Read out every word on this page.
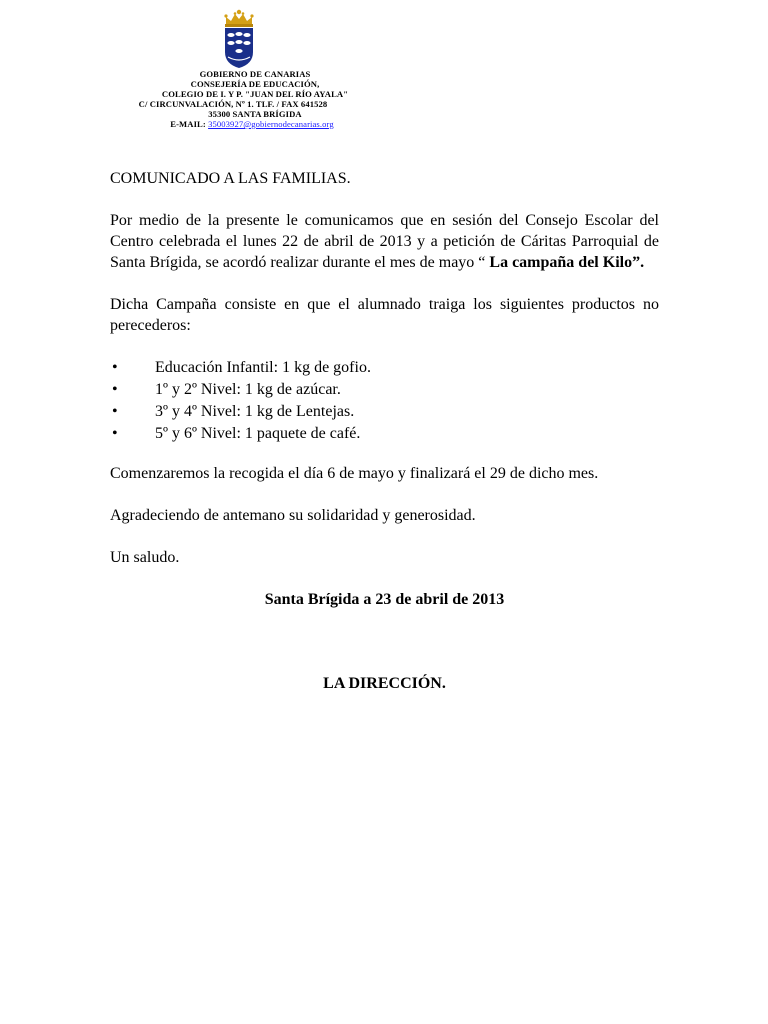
GOBIERNO DE CANARIAS
CONSEJERÍA DE EDUCACIÓN,
COLEGIO DE I. Y P. "JUAN DEL RÍO AYALA"
C/ CIRCUNVALACIÓN, Nº 1. TLF. / FAX 641528
35300 SANTA BRÍGIDA
E-MAIL: 35003927@gobiernodecanarias.org

COMUNICADO A LAS FAMILIAS.

Por medio de la presente le comunicamos que en sesión del Consejo Escolar del Centro celebrada el lunes 22 de abril de 2013 y a petición de Cáritas Parroquial de Santa Brígida, se acordó realizar durante el mes de mayo “ La campaña del Kilo”.

Dicha Campaña consiste en que el alumnado traiga los siguientes productos no perecederos:

• Educación Infantil: 1 kg de gofio.
• 1º y 2º Nivel: 1 kg de azúcar.
• 3º y 4º Nivel: 1 kg de Lentejas.
• 5º y 6º Nivel: 1 paquete de café.

Comenzaremos la recogida el día 6 de mayo y finalizará el 29 de dicho mes.

Agradeciendo de antemano su solidaridad y generosidad.

Un saludo.

Santa Brígida a 23 de abril de 2013

LA DIRECCIÓN.
